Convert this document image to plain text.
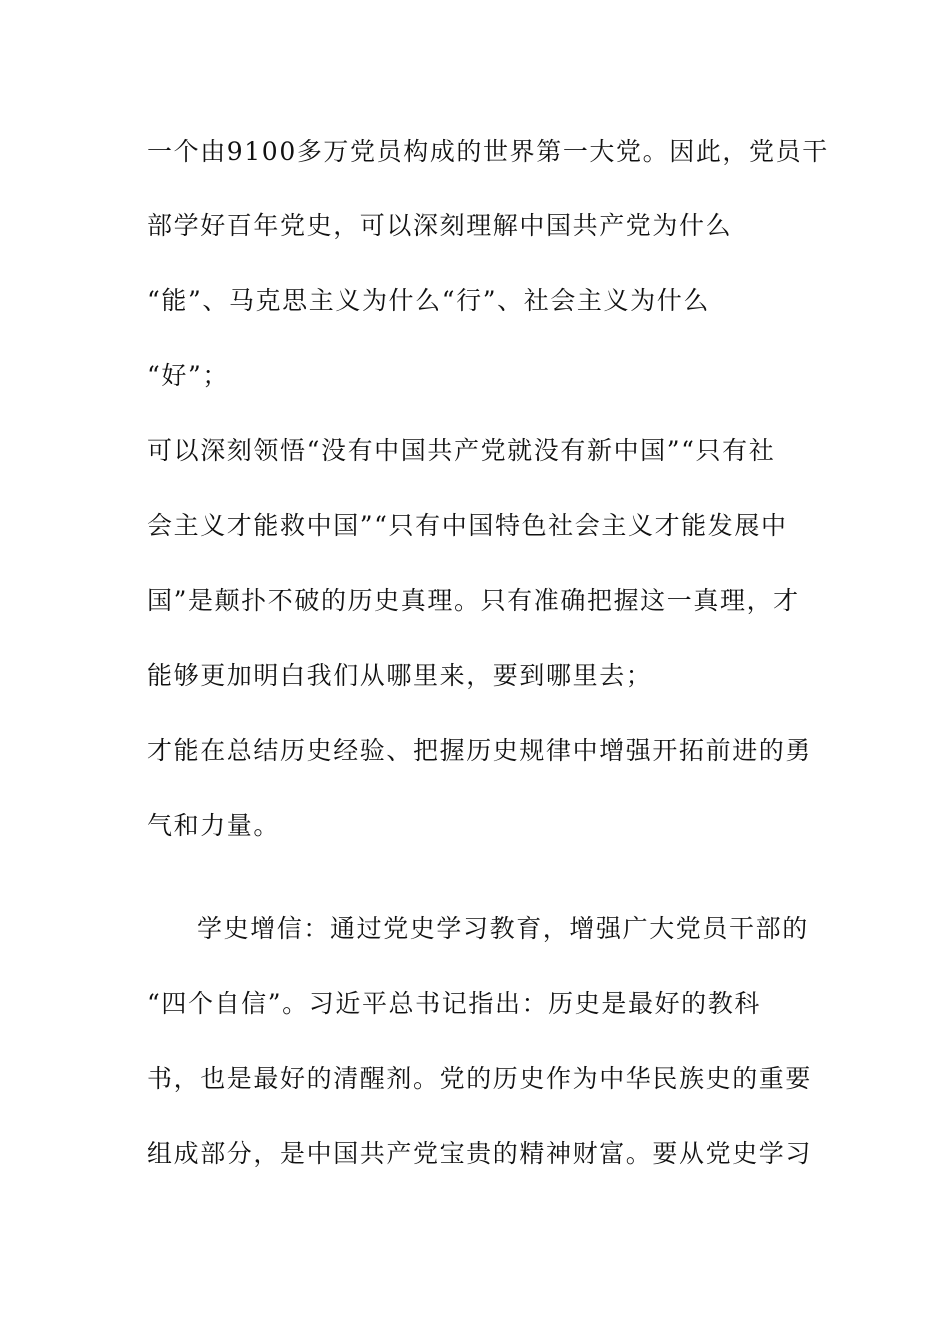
一个由9100多万党员构成的世界第一大党。因此，党员干
部学好百年党史，可以深刻理解中国共产党为什么
“能”、马克思主义为什么“行”、社会主义为什么
“好”；
可以深刻领悟“没有中国共产党就没有新中国”“只有社
会主义才能救中国”“只有中国特色社会主义才能发展中
国”是颠扑不破的历史真理。只有准确把握这一真理，才
能够更加明白我们从哪里来，要到哪里去；
才能在总结历史经验、把握历史规律中增强开拓前进的勇
气和力量。
学史增信：通过党史学习教育，增强广大党员干部的
“四个自信”。习近平总书记指出：历史是最好的教科
书，也是最好的清醒剂。党的历史作为中华民族史的重要
组成部分，是中国共产党宝贵的精神财富。要从党史学习
